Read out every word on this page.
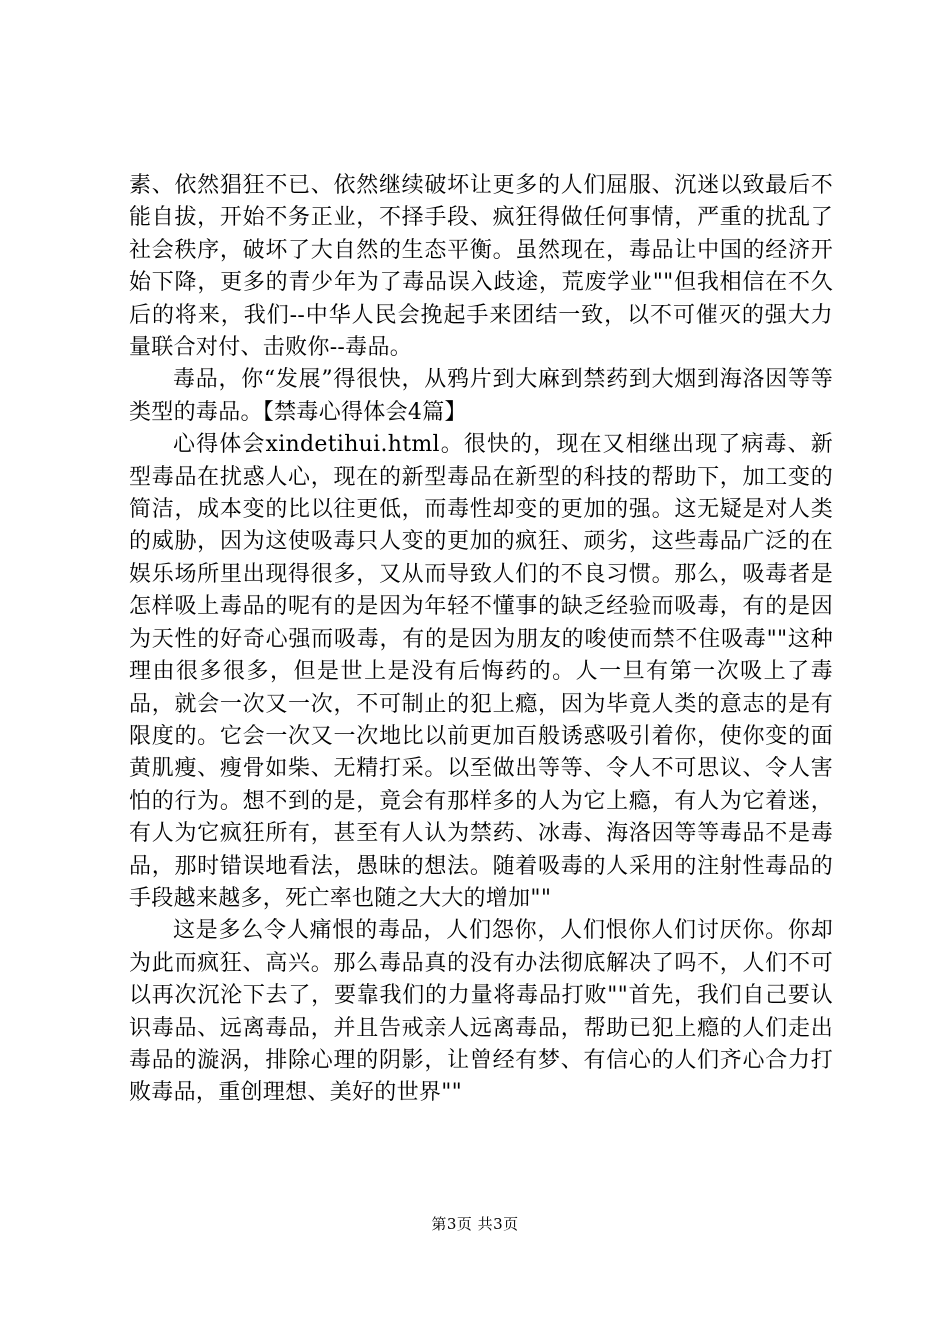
素、依然猖狂不已、依然继续破坏让更多的人们屈服、沉迷以致最后不能自拔，开始不务正业，不择手段、疯狂得做任何事情，严重的扰乱了社会秩序，破坏了大自然的生态平衡。虽然现在，毒品让中国的经济开始下降，更多的青少年为了毒品误入歧途，荒废学业""但我相信在不久后的将来，我们--中华人民会挽起手来团结一致，以不可催灭的强大力量联合对付、击败你--毒品。

毒品，你“发展”得很快，从鸦片到大麻到禁药到大烟到海洛因等等类型的毒品。【禁毒心得体会4篇】

心得体会xindetihui.html。很快的，现在又相继出现了病毒、新型毒品在扰惑人心，现在的新型毒品在新型的科技的帮助下，加工变的简洁，成本变的比以往更低，而毒性却变的更加的强。这无疑是对人类的威胁，因为这使吸毒只人变的更加的疯狂、顽劣，这些毒品广泛的在娱乐场所里出现得很多，又从而导致人们的不良习惯。那么，吸毒者是怎样吸上毒品的呢有的是因为年轻不懂事的缺乏经验而吸毒，有的是因为天性的好奇心强而吸毒，有的是因为朋友的唆使而禁不住吸毒""这种理由很多很多，但是世上是没有后悔药的。人一旦有第一次吸上了毒品，就会一次又一次，不可制止的犯上瘾，因为毕竟人类的意志的是有限度的。它会一次又一次地比以前更加百般诱惑吸引着你，使你变的面黄肌瘦、瘦骨如柴、无精打采。以至做出等等、令人不可思议、令人害怕的行为。想不到的是，竟会有那样多的人为它上瘾，有人为它着迷，有人为它疯狂所有，甚至有人认为禁药、冰毒、海洛因等等毒品不是毒品，那时错误地看法，愚昧的想法。随着吸毒的人采用的注射性毒品的手段越来越多，死亡率也随之大大的增加""

这是多么令人痛恨的毒品，人们怨你，人们恨你人们讨厌你。你却为此而疯狂、高兴。那么毒品真的没有办法彻底解决了吗不，人们不可以再次沉沦下去了，要靠我们的力量将毒品打败""首先，我们自己要认识毒品、远离毒品，并且告戒亲人远离毒品，帮助已犯上瘾的人们走出毒品的漩涡，排除心理的阴影，让曾经有梦、有信心的人们齐心合力打败毒品，重创理想、美好的世界""

第3页 共3页
